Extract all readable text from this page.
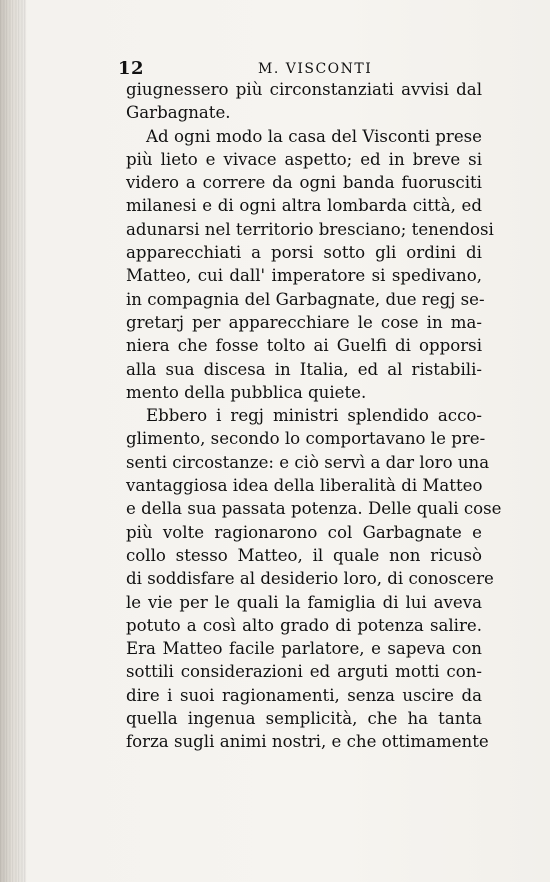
12	M. VISCONTI
giugnessero più circonstanziati avvisi dal
Garbagnate.
Ad ogni modo la casa del Visconti prese
più lieto e vivace aspetto; ed in breve si
videro a correre da ogni banda fuorusciti
milanesi e di ogni altra lombarda città, ed
adunarsi nel territorio bresciano; tenendosi
apparecchiati a porsi sotto gli ordini di
Matteo, cui dall' imperatore si spedivano,
in compagnia del Garbagnate, due regj se-
gretarj per apparecchiare le cose in ma-
niera che fosse tolto ai Guelfi di opporsi
alla sua discesa in Italia, ed al ristabili-
mento della pubblica quiete.
Ebbero i regj ministri splendido acco-
glimento, secondo lo comportavano le pre-
senti circostanze: e ciò servì a dar loro una
vantaggiosa idea della liberalità di Matteo
e della sua passata potenza. Delle quali cose
più volte ragionarono col Garbagnate e
collo stesso Matteo, il quale non ricusò
di soddisfare al desiderio loro, di conoscere
le vie per le quali la famiglia di lui aveva
potuto a così alto grado di potenza salire.
Era Matteo facile parlatore, e sapeva con
sottili considerazioni ed arguti motti con-
dire i suoi ragionamenti, senza uscire da
quella ingenua semplicità, che ha tanta
forza sugli animi nostri, e che ottimamente
